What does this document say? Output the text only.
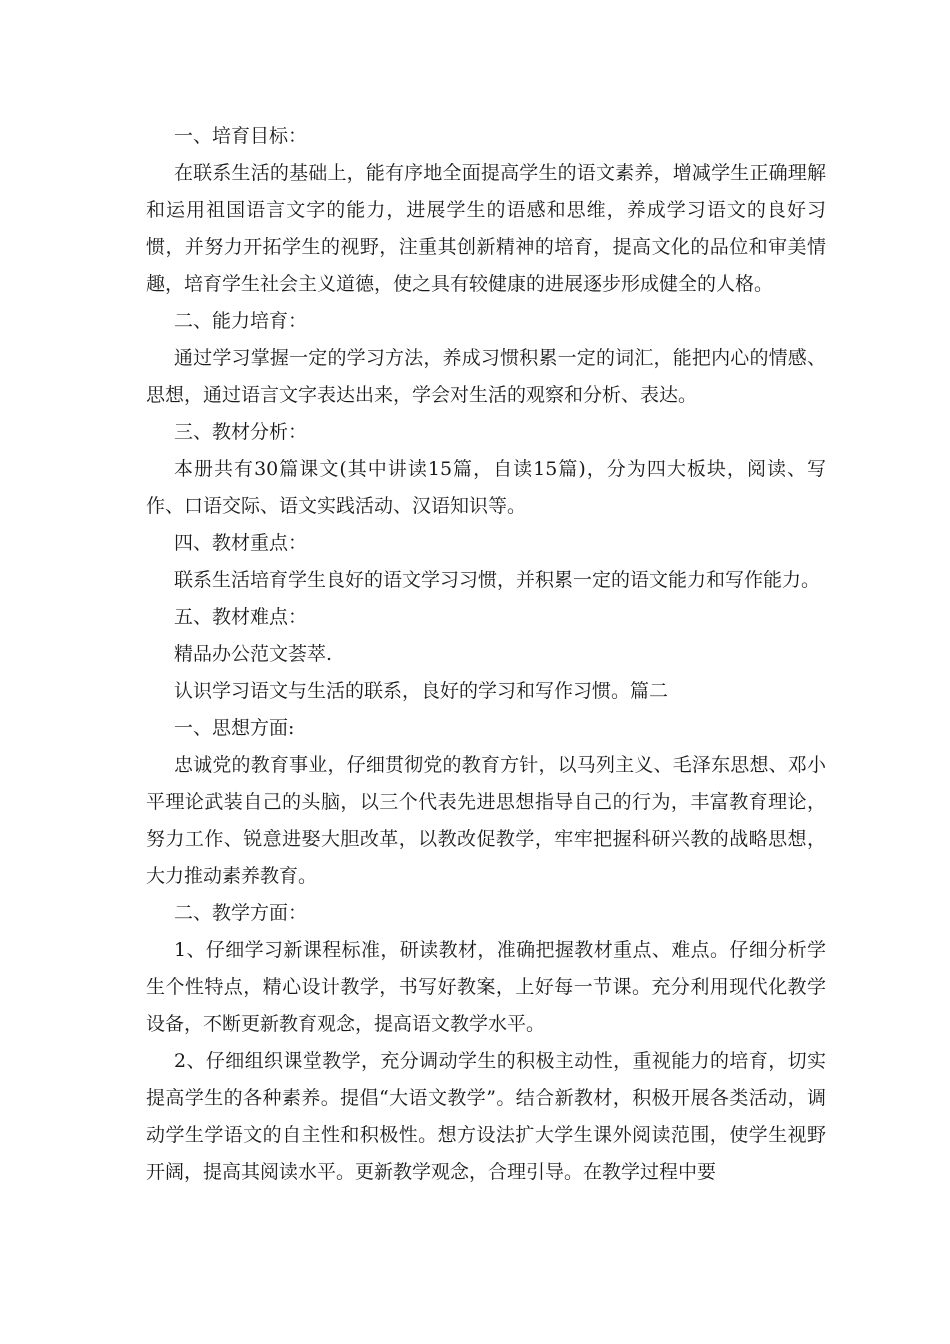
一、培育目标：

在联系生活的基础上，能有序地全面提高学生的语文素养，增减学生正确理解和运用祖国语言文字的能力，进展学生的语感和思维，养成学习语文的良好习惯，并努力开拓学生的视野，注重其创新精神的培育，提高文化的品位和审美情趣，培育学生社会主义道德，使之具有较健康的进展逐步形成健全的人格。

二、能力培育：

通过学习掌握一定的学习方法，养成习惯积累一定的词汇，能把内心的情感、思想，通过语言文字表达出来，学会对生活的观察和分析、表达。

三、教材分析：

本册共有30篇课文(其中讲读15篇，自读15篇)，分为四大板块，阅读、写作、口语交际、语文实践活动、汉语知识等。

四、教材重点：

联系生活培育学生良好的语文学习习惯，并积累一定的语文能力和写作能力。

五、教材难点：

精品办公范文荟萃.

认识学习语文与生活的联系，良好的学习和写作习惯。篇二

一、思想方面:

忠诚党的教育事业，仔细贯彻党的教育方针，以马列主义、毛泽东思想、邓小平理论武装自己的头脑，以三个代表先进思想指导自己的行为，丰富教育理论，努力工作、锐意进娶大胆改革，以教改促教学，牢牢把握科研兴教的战略思想，大力推动素养教育。

二、教学方面：

1、仔细学习新课程标准，研读教材，准确把握教材重点、难点。仔细分析学生个性特点，精心设计教学，书写好教案，上好每一节课。充分利用现代化教学设备，不断更新教育观念，提高语文教学水平。

2、仔细组织课堂教学，充分调动学生的积极主动性，重视能力的培育，切实提高学生的各种素养。提倡“大语文教学”。结合新教材，积极开展各类活动，调动学生学语文的自主性和积极性。想方设法扩大学生课外阅读范围，使学生视野开阔，提高其阅读水平。更新教学观念，合理引导。在教学过程中要
